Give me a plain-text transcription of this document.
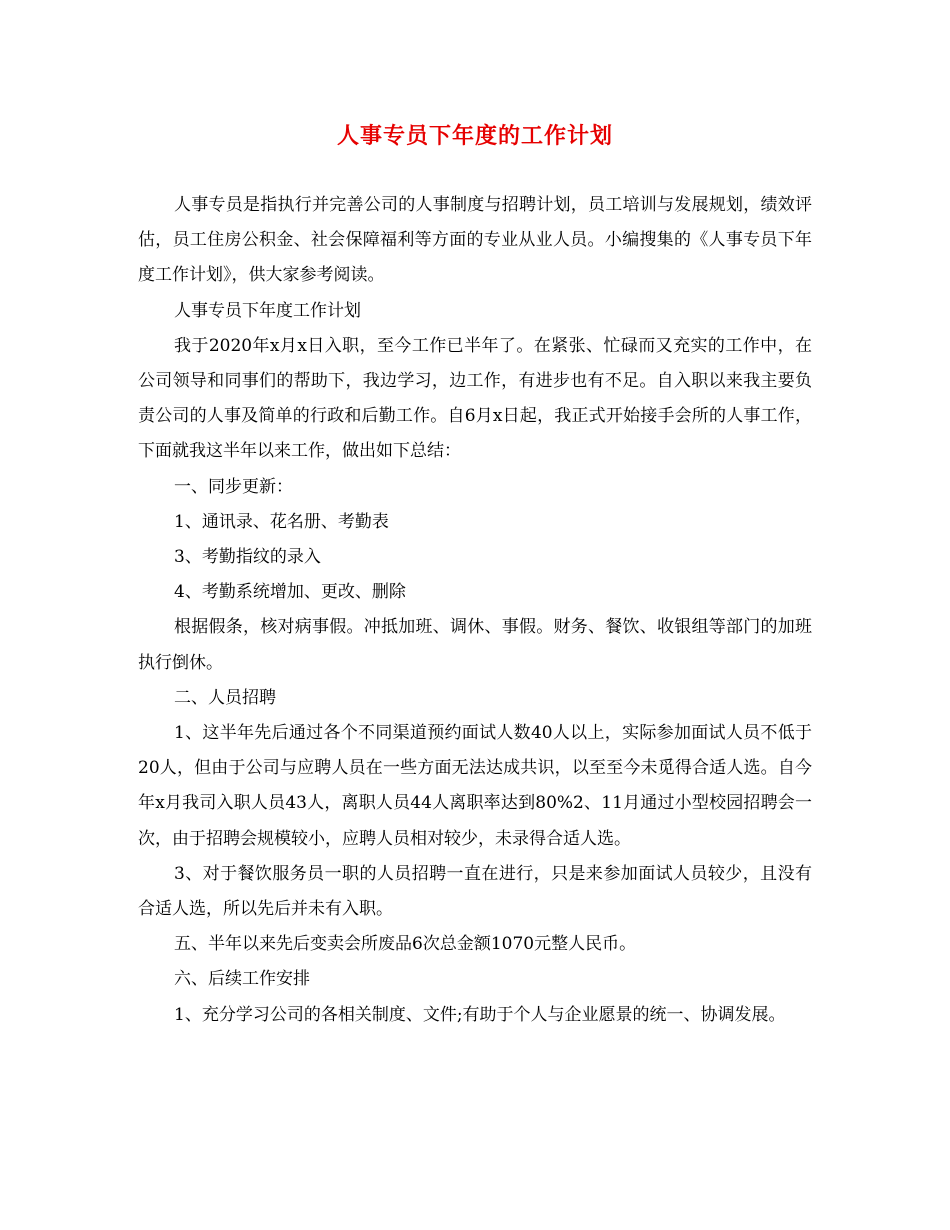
人事专员下年度的工作计划

人事专员是指执行并完善公司的人事制度与招聘计划，员工培训与发展规划，绩效评估，员工住房公积金、社会保障福利等方面的专业从业人员。小编搜集的《人事专员下年度工作计划》，供大家参考阅读。

人事专员下年度工作计划

我于2020年x月x日入职，至今工作已半年了。在紧张、忙碌而又充实的工作中，在公司领导和同事们的帮助下，我边学习，边工作，有进步也有不足。自入职以来我主要负责公司的人事及简单的行政和后勤工作。自6月x日起，我正式开始接手会所的人事工作，下面就我这半年以来工作，做出如下总结：

一、同步更新：

1、通讯录、花名册、考勤表

3、考勤指纹的录入

4、考勤系统增加、更改、删除

根据假条，核对病事假。冲抵加班、调休、事假。财务、餐饮、收银组等部门的加班执行倒休。

二、人员招聘

1、这半年先后通过各个不同渠道预约面试人数40人以上，实际参加面试人员不低于20人，但由于公司与应聘人员在一些方面无法达成共识，以至至今未觅得合适人选。自今年x月我司入职人员43人，离职人员44人离职率达到80%2、11月通过小型校园招聘会一次，由于招聘会规模较小，应聘人员相对较少，未录得合适人选。

3、对于餐饮服务员一职的人员招聘一直在进行，只是来参加面试人员较少，且没有合适人选，所以先后并未有入职。

五、半年以来先后变卖会所废品6次总金额1070元整人民币。

六、后续工作安排

1、充分学习公司的各相关制度、文件;有助于个人与企业愿景的统一、协调发展。
